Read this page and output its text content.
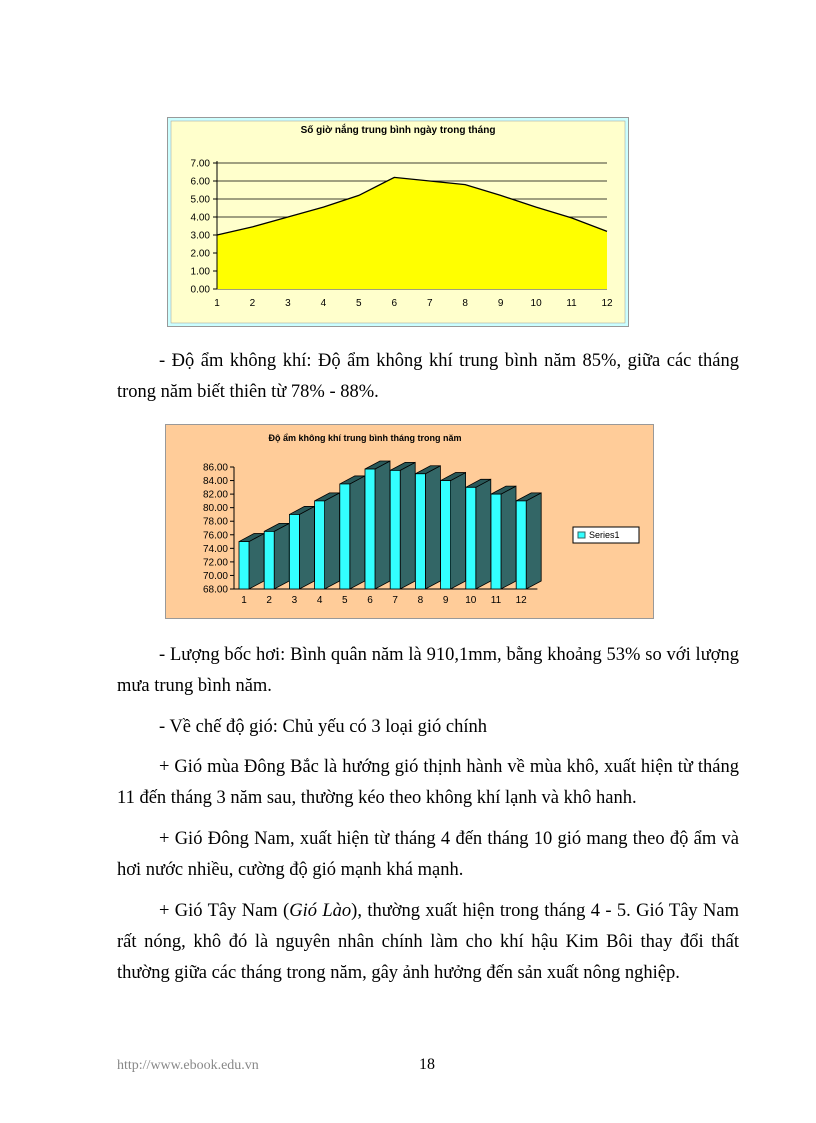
Số giờ nắng trung bình ngày trong tháng
0.00
1.00
2.00
3.00
4.00
5.00
6.00
7.00
1	2	3	4	5	6	7	8	9	10 11 12

- Độ ẩm không khí: Độ ẩm không khí trung bình năm 85%, giữa các tháng trong năm biết thiên từ 78% - 88%.

Độ ẩm không khí trung bình tháng trong năm
68.00
70.00
72.00
74.00
76.00
78.00
80.00
82.00
84.00
86.00
1 2 3 4 5 6 7 8 9 10 11 12
Series1

- Lượng bốc hơi: Bình quân năm là 910,1mm, bằng khoảng 53% so với lượng mưa trung bình năm.

- Về chế độ gió: Chủ yếu có 3 loại gió chính

+ Gió mùa Đông Bắc là hướng gió thịnh hành về mùa khô, xuất hiện từ tháng 11 đến tháng 3 năm sau, thường kéo theo không khí lạnh và khô hanh.

+ Gió Đông Nam, xuất hiện từ tháng 4 đến tháng 10 gió mang theo độ ẩm và hơi nước nhiều, cường độ gió mạnh khá mạnh.

+ Gió Tây Nam (Gió Lào), thường xuất hiện trong tháng 4 - 5. Gió Tây Nam rất nóng, khô đó là nguyên nhân chính làm cho khí hậu Kim Bôi thay đổi thất thường giữa các tháng trong năm, gây ảnh hưởng đến sản xuất nông nghiệp.

http://www.ebook.edu.vn	18
